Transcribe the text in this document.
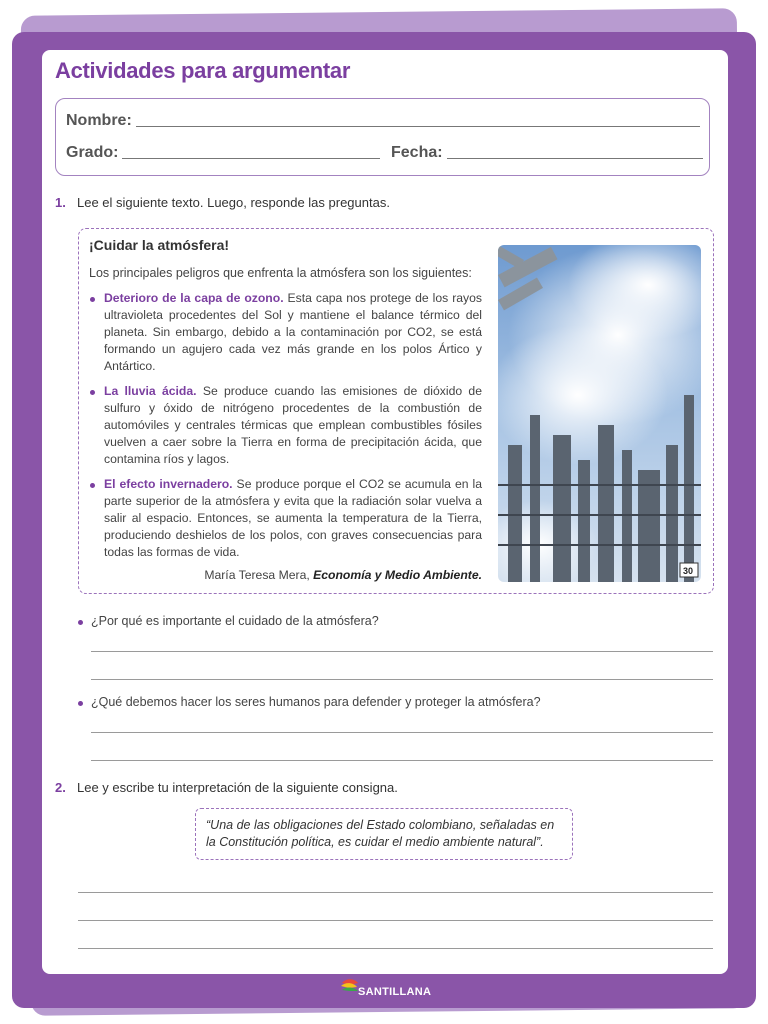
Actividades para argumentar
Nombre:
Grado:	Fecha:
1. Lee el siguiente texto. Luego, responde las preguntas.
¡Cuidar la atmósfera!

Los principales peligros que enfrenta la atmósfera son los siguientes:

Deterioro de la capa de ozono. Esta capa nos protege de los rayos ultravioleta procedentes del Sol y mantiene el balance térmico del planeta. Sin embargo, debido a la contaminación por CO2, se está formando un agujero cada vez más grande en los polos Ártico y Antártico.

La lluvia ácida. Se produce cuando las emisiones de dióxido de sulfuro y óxido de nitrógeno procedentes de la combustión de automóviles y centrales térmicas que emplean combustibles fósiles vuelven a caer sobre la Tierra en forma de precipitación ácida, que contamina ríos y lagos.

El efecto invernadero. Se produce porque el CO2 se acumula en la parte superior de la atmósfera y evita que la radiación solar vuelva a salir al espacio. Entonces, se aumenta la temperatura de la Tierra, produciendo deshielos de los polos, con graves consecuencias para todas las formas de vida.

María Teresa Mera, Economía y Medio Ambiente.	30

¿Por qué es importante el cuidado de la atmósfera?

¿Qué debemos hacer los seres humanos para defender y proteger la atmósfera?

2. Lee y escribe tu interpretación de la siguiente consigna.
“Una de las obligaciones del Estado colombiano, señaladas en la Constitución política, es cuidar el medio ambiente natural”.
SANTILLANA
